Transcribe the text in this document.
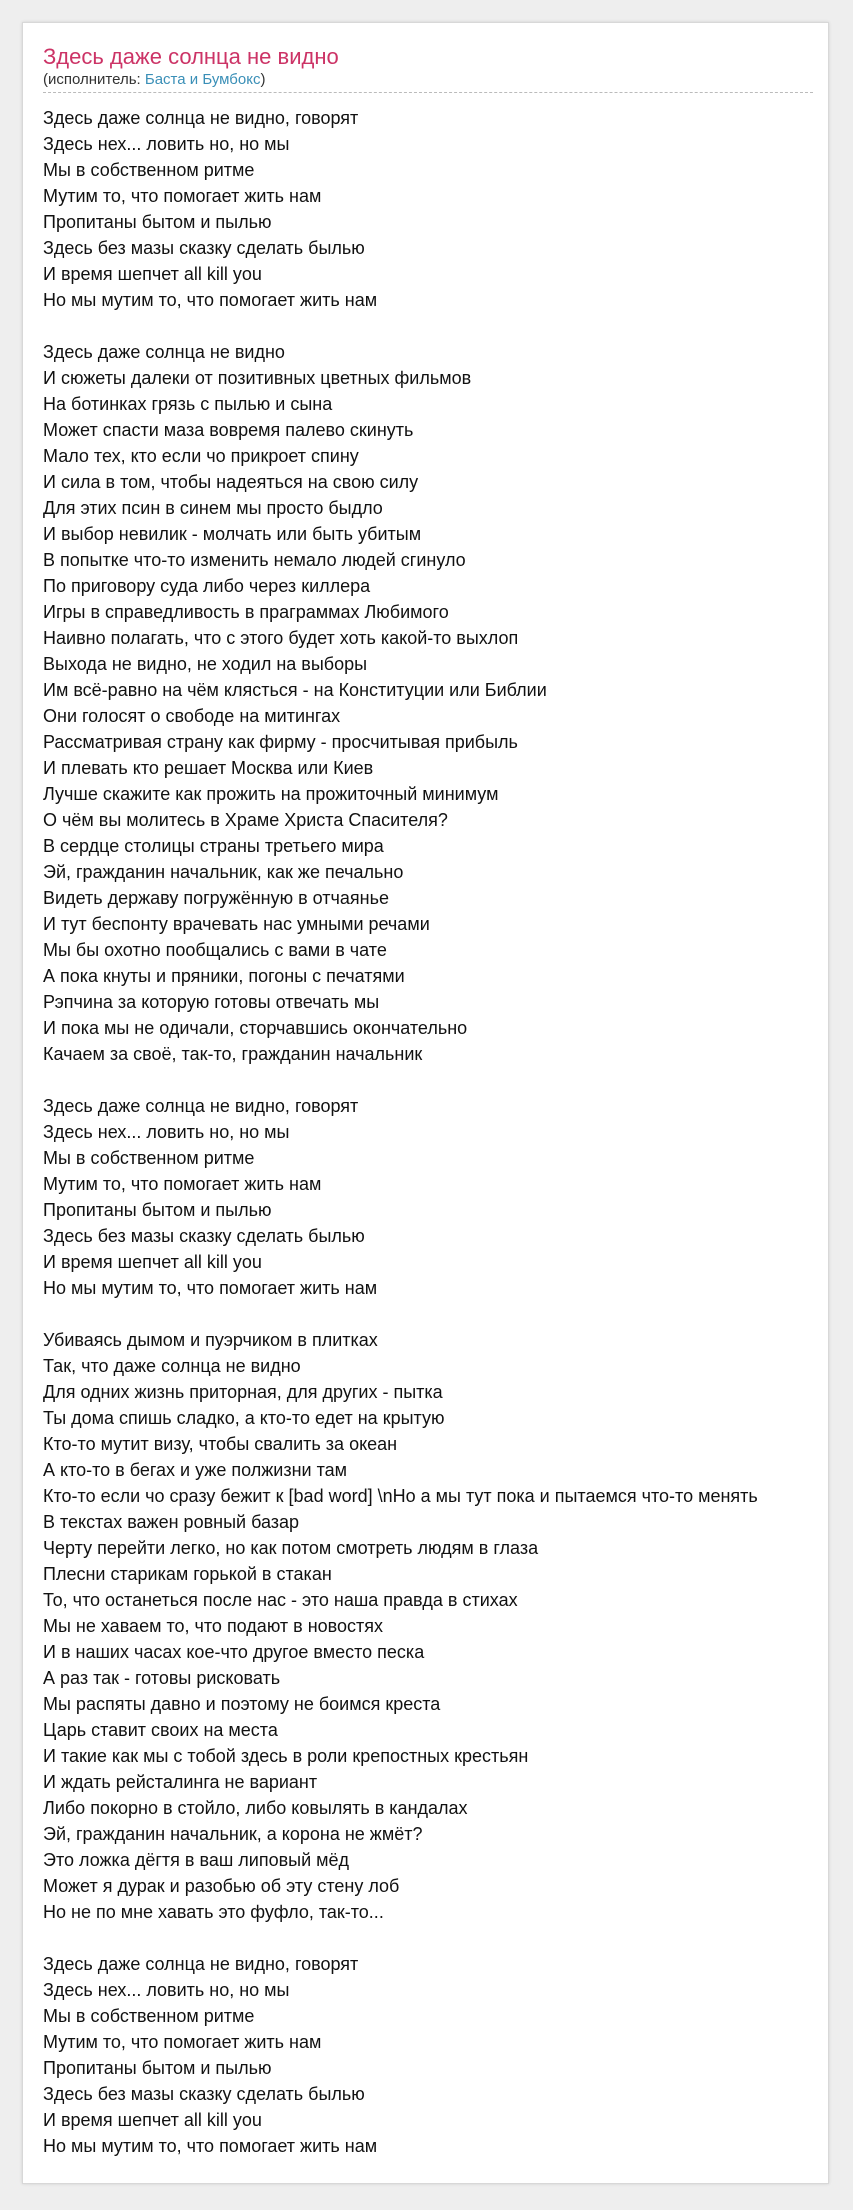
Здесь даже солнца не видно
(исполнитель: Баста и Бумбокс)
Здесь даже солнца не видно, говорят
Здесь нех... ловить но, но мы
Мы в собственном ритме
Мутим то, что помогает жить нам
Пропитаны бытом и пылью
Здесь без мазы сказку сделать былью
И время шепчет all kill you
Но мы мутим то, что помогает жить нам
Здесь даже солнца не видно
И сюжеты далеки от позитивных цветных фильмов
На ботинках грязь с пылью и сына
Может спасти маза вовремя палево скинуть
Мало тех, кто если чо прикроет спину
И сила в том, чтобы надеяться на свою силу
Для этих псин в синем мы просто быдло
И выбор невилик - молчать или быть убитым
В попытке что-то изменить немало людей сгинуло
По приговору суда либо через киллера
Игры в справедливость в праграммах Любимого
Наивно полагать, что с этого будет хоть какой-то выхлоп
Выхода не видно, не ходил на выборы
Им всё-равно на чём клясться - на Конституции или Библии
Они голосят о свободе на митингах
Рассматривая страну как фирму - просчитывая прибыль
И плевать кто решает Москва или Киев
Лучше скажите как прожить на прожиточный минимум
О чём вы молитесь в Храме Христа Спасителя?
В сердце столицы страны третьего мира
Эй, гражданин начальник, как же печально
Видеть державу погружённую в отчаянье
И тут беспонту врачевать нас умными речами
Мы бы охотно пообщались с вами в чате
А пока кнуты и пряники, погоны с печатями
Рэпчина за которую готовы отвечать мы
И пока мы не одичали, сторчавшись окончательно
Качаем за своё, так-то, гражданин начальник
Здесь даже солнца не видно, говорят
Здесь нех... ловить но, но мы
Мы в собственном ритме
Мутим то, что помогает жить нам
Пропитаны бытом и пылью
Здесь без мазы сказку сделать былью
И время шепчет all kill you
Но мы мутим то, что помогает жить нам
Убиваясь дымом и пуэрчиком в плитках
Так, что даже солнца не видно
Для одних жизнь приторная, для других - пытка
Ты дома спишь сладко, а кто-то едет на крытую
Кто-то мутит визу, чтобы свалить за океан
А кто-то в бегах и уже полжизни там
Кто-то если чо сразу бежит к [bad word] \nНо а мы тут пока и пытаемся что-то менять
В текстах важен ровный базар
Черту перейти легко, но как потом смотреть людям в глаза
Плесни старикам горькой в стакан
То, что останеться после нас - это наша правда в стихах
Мы не хаваем то, что подают в новостях
И в наших часах кое-что другое вместо песка
А раз так - готовы рисковать
Мы распяты давно и поэтому не боимся креста
Царь ставит своих на места
И такие как мы с тобой здесь в роли крепостных крестьян
И ждать рейсталинга не вариант
Либо покорно в стойло, либо ковылять в кандалах
Эй, гражданин начальник, а корона не жмёт?
Это ложка дёгтя в ваш липовый мёд
Может я дурак и разобью об эту стену лоб
Но не по мне хавать это фуфло, так-то...
Здесь даже солнца не видно, говорят
Здесь нех... ловить но, но мы
Мы в собственном ритме
Мутим то, что помогает жить нам
Пропитаны бытом и пылью
Здесь без мазы сказку сделать былью
И время шепчет all kill you
Но мы мутим то, что помогает жить нам
